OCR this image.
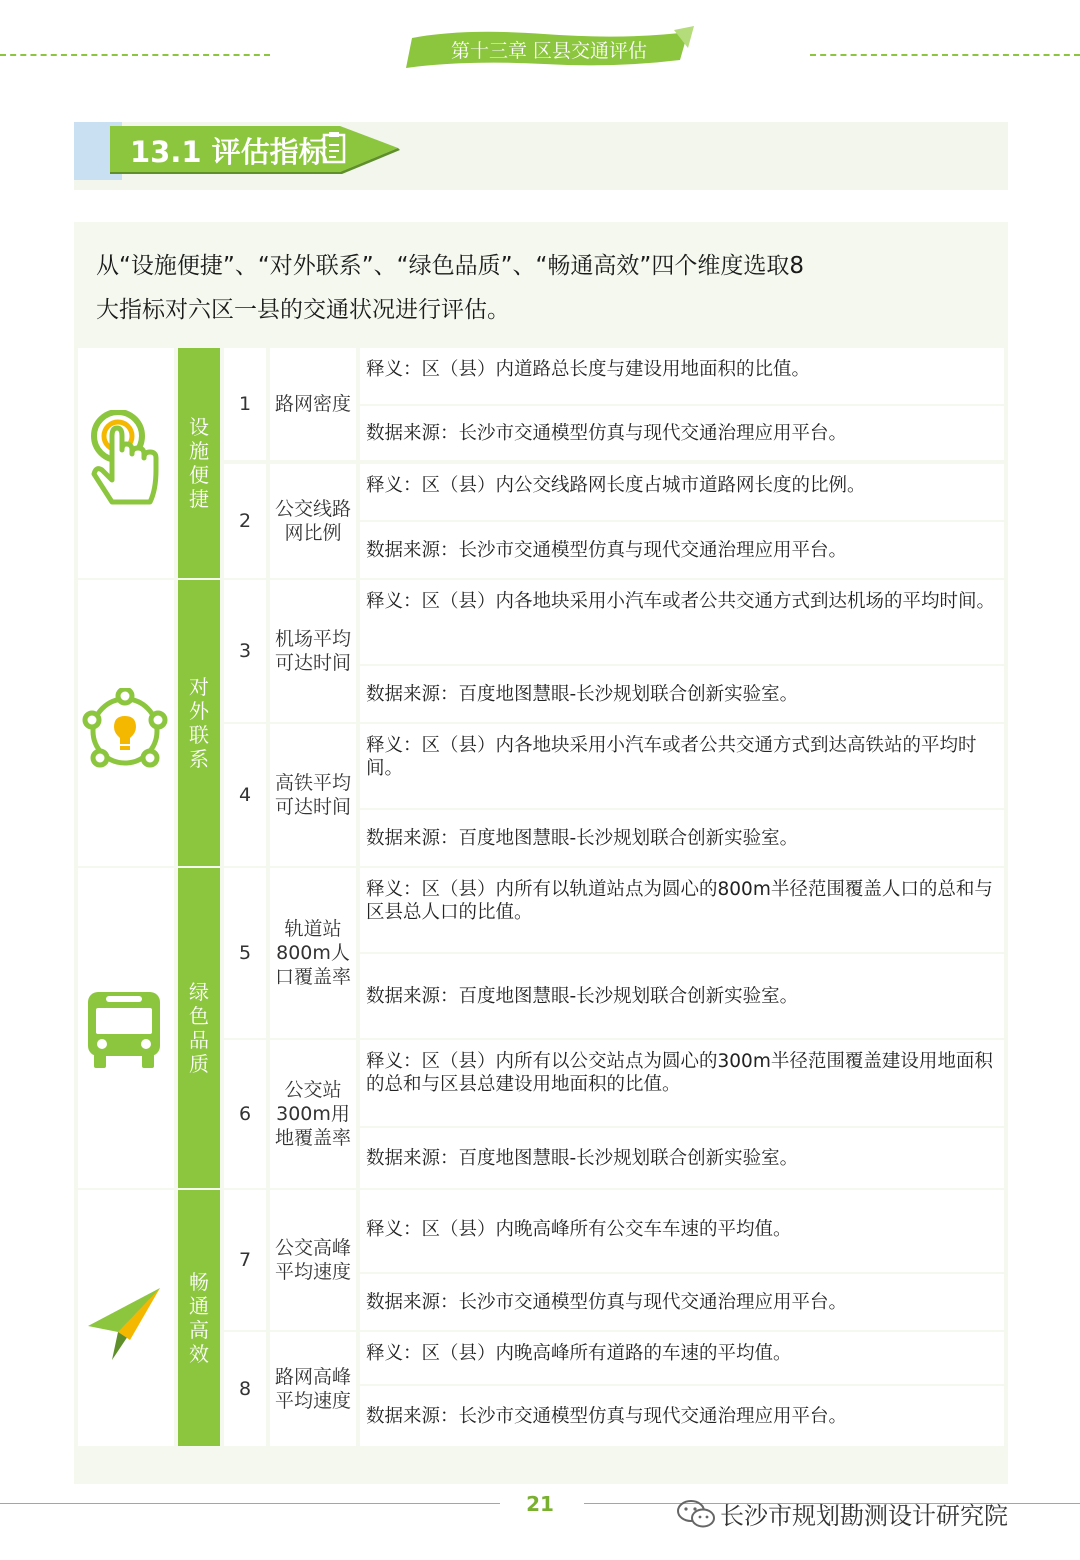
第十三章 区县交通评估
13.1 评估指标
从“设施便捷”、“对外联系”、“绿色品质”、“畅通高效”四个维度选取8
大指标对六区一县的交通状况进行评估。
设施便捷
对外联系
绿色品质
畅通高效
1	路网密度
释义：区（县）内道路总长度与建设用地面积的比值。
数据来源：长沙市交通模型仿真与现代交通治理应用平台。
2
公交线路网比例
释义：区（县）内公交线路网长度占城市道路网长度的比例。
数据来源：长沙市交通模型仿真与现代交通治理应用平台。
3
机场平均可达时间
释义：区（县）内各地块采用小汽车或者公共交通方式到达机场的平均时间。
数据来源：百度地图慧眼-长沙规划联合创新实验室。
4
高铁平均可达时间
释义：区（县）内各地块采用小汽车或者公共交通方式到达高铁站的平均时间。
数据来源：百度地图慧眼-长沙规划联合创新实验室。
5
轨道站800m人口覆盖率
释义：区（县）内所有以轨道站点为圆心的800m半径范围覆盖人口的总和与区县总人口的比值。
数据来源：百度地图慧眼-长沙规划联合创新实验室。
6
公交站300m用地覆盖率
释义：区（县）内所有以公交站点为圆心的300m半径范围覆盖建设用地面积的总和与区县总建设用地面积的比值。
数据来源：百度地图慧眼-长沙规划联合创新实验室。
7
公交高峰平均速度
释义：区（县）内晚高峰所有公交车车速的平均值。
数据来源：长沙市交通模型仿真与现代交通治理应用平台。
8
路网高峰平均速度
释义：区（县）内晚高峰所有道路的车速的平均值。
数据来源：长沙市交通模型仿真与现代交通治理应用平台。
21	长沙市规划勘测设计研究院
